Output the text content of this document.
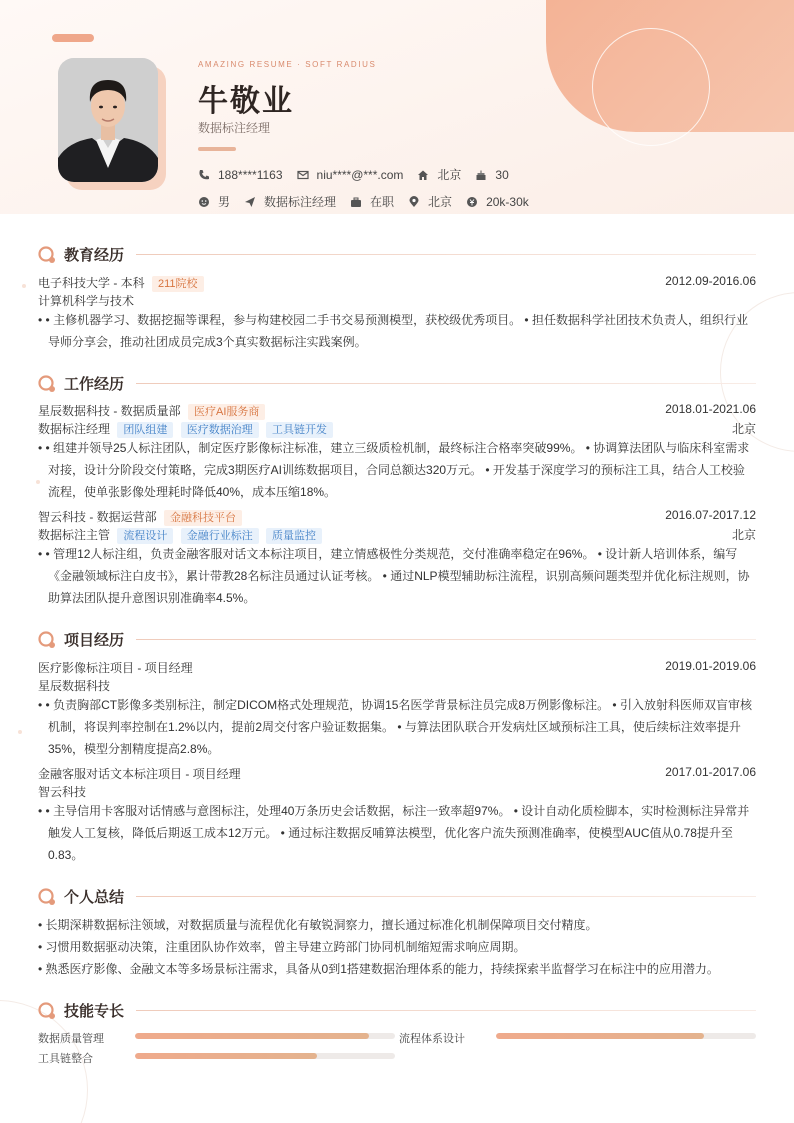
AMAZING RESUME · SOFT RADIUS
牛敬业
数据标注经理
188****1163	niu****@***.com	北京	30
男	数据标注经理	在职	北京	20k-30k
教育经历
电子科技大学 - 本科 211院校	2012.09-2016.06
计算机科学与技术
• • 主修机器学习、数据挖掘等课程，参与构建校园二手书交易预测模型，获校级优秀项目。 • 担任数据科学社团技术负责人，组织行业导师分享会，推动社团成员完成3个真实数据标注实践案例。
工作经历
星辰数据科技 - 数据质量部 医疗AI服务商	2018.01-2021.06
数据标注经理 团队组建 医疗数据治理 工具链开发	北京
• • 组建并领导25人标注团队，制定医疗影像标注标准，建立三级质检机制，最终标注合格率突破99%。 • 协调算法团队与临床科室需求对接，设计分阶段交付策略，完成3期医疗AI训练数据项目，合同总额达320万元。 • 开发基于深度学习的预标注工具，结合人工校验流程，使单张影像处理耗时降低40%，成本压缩18%。
智云科技 - 数据运营部 金融科技平台	2016.07-2017.12
数据标注主管 流程设计 金融行业标注 质量监控	北京
• • 管理12人标注组，负责金融客服对话文本标注项目，建立情感极性分类规范，交付准确率稳定在96%。 • 设计新人培训体系，编写《金融领域标注白皮书》，累计带教28名标注员通过认证考核。 • 通过NLP模型辅助标注流程，识别高频问题类型并优化标注规则，协助算法团队提升意图识别准确率4.5%。
项目经历
医疗影像标注项目 - 项目经理	2019.01-2019.06
星辰数据科技
• • 负责胸部CT影像多类别标注，制定DICOM格式处理规范，协调15名医学背景标注员完成8万例影像标注。 • 引入放射科医师双盲审核机制，将误判率控制在1.2%以内，提前2周交付客户验证数据集。 • 与算法团队联合开发病灶区域预标注工具，使后续标注效率提升35%，模型分割精度提高2.8%。
金融客服对话文本标注项目 - 项目经理	2017.01-2017.06
智云科技
• • 主导信用卡客服对话情感与意图标注，处理40万条历史会话数据，标注一致率超97%。 • 设计自动化质检脚本，实时检测标注异常并触发人工复核，降低后期返工成本12万元。 • 通过标注数据反哺算法模型，优化客户流失预测准确率，使模型AUC值从0.78提升至0.83。
个人总结
• 长期深耕数据标注领域，对数据质量与流程优化有敏锐洞察力，擅长通过标准化机制保障项目交付精度。
• 习惯用数据驱动决策，注重团队协作效率，曾主导建立跨部门协同机制缩短需求响应周期。
• 熟悉医疗影像、金融文本等多场景标注需求，具备从0到1搭建数据治理体系的能力，持续探索半监督学习在标注中的应用潜力。
技能专长
数据质量管理	流程体系设计
工具链整合
